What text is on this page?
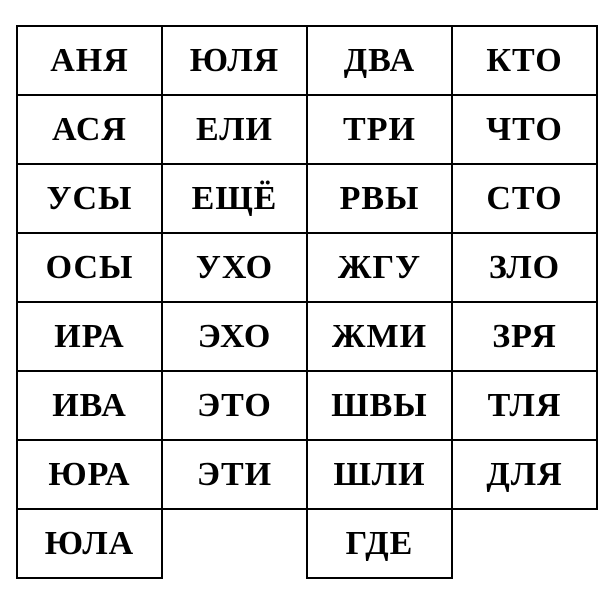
АНЯ	ЮЛЯ	ДВА	КТО
АСЯ	ЕЛИ	ТРИ	ЧТО
УСЫ	ЕЩЁ	РВЫ	СТО
ОСЫ	УХО	ЖГУ	ЗЛО
ИРА	ЭХО	ЖМИ	ЗРЯ
ИВА	ЭТО	ШВЫ	ТЛЯ
ЮРА	ЭТИ	ШЛИ	ДЛЯ
ЮЛА		ГДЕ	
